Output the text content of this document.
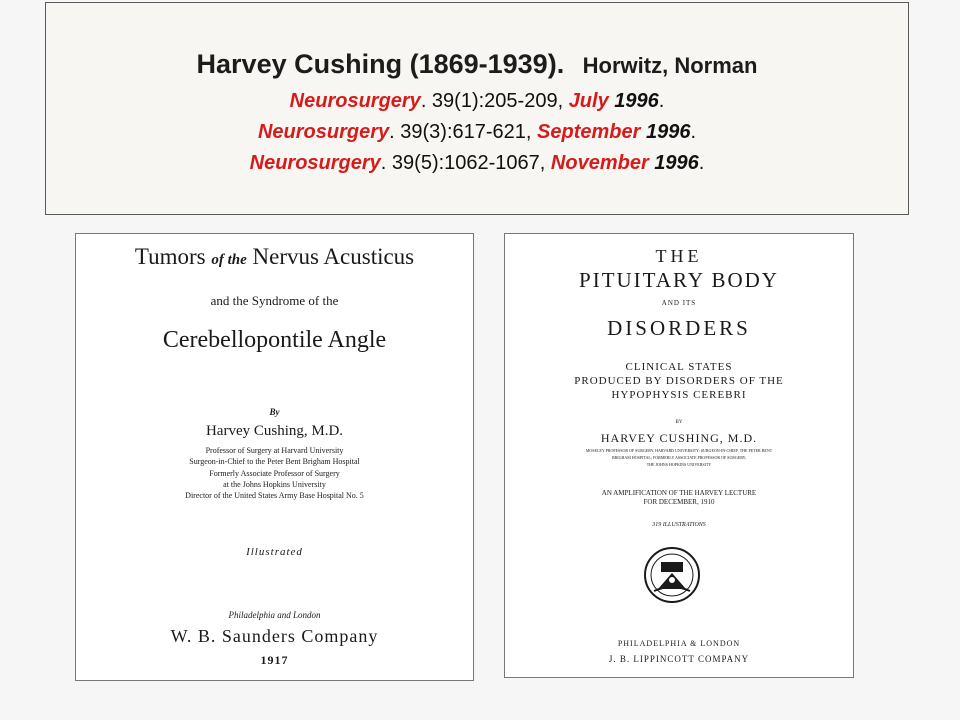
Harvey Cushing (1869-1939). Horwitz, Norman
Neurosurgery. 39(1):205-209, July 1996.
Neurosurgery. 39(3):617-621, September 1996.
Neurosurgery. 39(5):1062-1067, November 1996.
Tumors of the Nervus Acusticus
and the Syndrome of the
Cerebellopontile Angle
By
Harvey Cushing, M.D.
Professor of Surgery at Harvard University
Surgeon-in-Chief to the Peter Bent Brigham Hospital
Formerly Associate Professor of Surgery
at the Johns Hopkins University
Director of the United States Army Base Hospital No. 5
Illustrated
Philadelphia and London
W. B. Saunders Company
1917
THE
PITUITARY BODY
AND ITS
DISORDERS
CLINICAL STATES
PRODUCED BY DISORDERS OF THE
HYPOPHYSIS CEREBRI
BY
HARVEY CUSHING, M.D.
MOSELEY PROFESSOR OF SURGERY, HARVARD UNIVERSITY; SURGEON-IN-CHIEF, THE PETER BENT
BRIGHAM HOSPITAL; FORMERLY ASSOCIATE PROFESSOR OF SURGERY,
THE JOHNS HOPKINS UNIVERSITY
AN AMPLIFICATION OF THE HARVEY LECTURE
FOR DECEMBER, 1910
319 ILLUSTRATIONS
PHILADELPHIA & LONDON
J. B. LIPPINCOTT COMPANY
